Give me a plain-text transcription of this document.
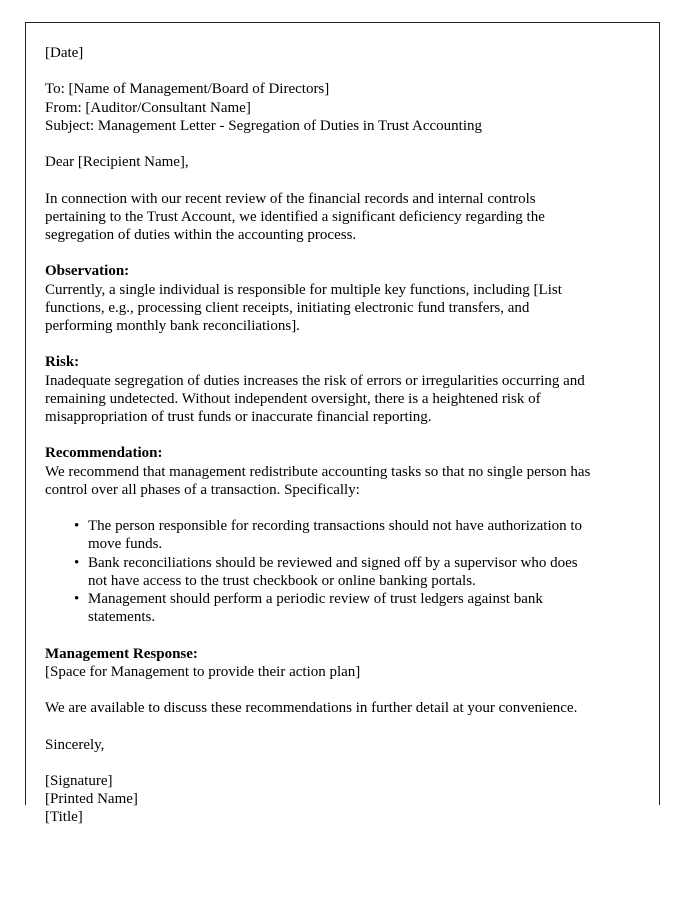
[Date]
To: [Name of Management/Board of Directors]
From: [Auditor/Consultant Name]
Subject: Management Letter - Segregation of Duties in Trust Accounting
Dear [Recipient Name],
In connection with our recent review of the financial records and internal controls
pertaining to the Trust Account, we identified a significant deficiency regarding the
segregation of duties within the accounting process.
Observation:
Currently, a single individual is responsible for multiple key functions, including [List
functions, e.g., processing client receipts, initiating electronic fund transfers, and
performing monthly bank reconciliations].
Risk:
Inadequate segregation of duties increases the risk of errors or irregularities occurring and
remaining undetected. Without independent oversight, there is a heightened risk of
misappropriation of trust funds or inaccurate financial reporting.
Recommendation:
We recommend that management redistribute accounting tasks so that no single person has
control over all phases of a transaction. Specifically:
• The person responsible for recording transactions should not have authorization to
move funds.
• Bank reconciliations should be reviewed and signed off by a supervisor who does
not have access to the trust checkbook or online banking portals.
• Management should perform a periodic review of trust ledgers against bank
statements.
Management Response:
[Space for Management to provide their action plan]
We are available to discuss these recommendations in further detail at your convenience.
Sincerely,
[Signature]
[Printed Name]
[Title]
